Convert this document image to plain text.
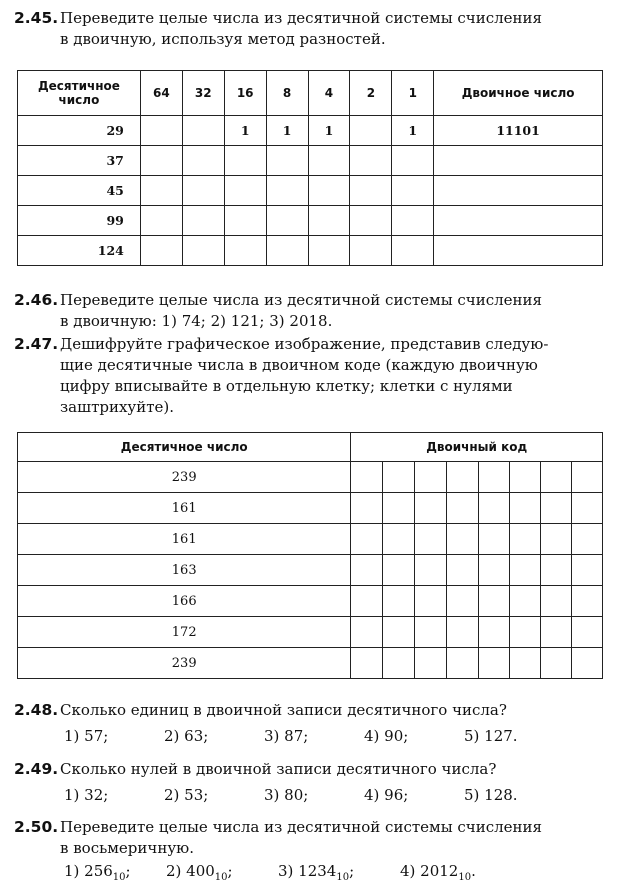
2.45. Переведите целые числа из десятичной системы счисления
в двоичную, используя метод разностей.
Десятичное число	64	32	16	8	4	2	1	Двоичное число
29			1	1	1		1	11101
37								
45								
99								
124								
2.46. Переведите целые числа из десятичной системы счисления
в двоичную: 1) 74; 2) 121; 3) 2018.
2.47. Дешифруйте графическое изображение, представив следую-
щие десятичные числа в двоичном коде (каждую двоичную
цифру вписывайте в отдельную клетку; клетки с нулями
заштрихуйте).
Десятичное число	Двоичный код							
239								
161								
161								
163								
166								
172								
239								
2.48. Сколько единиц в двоичной записи десятичного числа?
1) 57;	2) 63;	3) 87;	4) 90;	5) 127.
2.49. Сколько нулей в двоичной записи десятичного числа?
1) 32;	2) 53;	3) 80;	4) 96;	5) 128.
2.50. Переведите целые числа из десятичной системы счисления
в восьмеричную.
1) $256_{10}$; 2) $400_{10}$;	3) $1234_{10}$;	4) $2012_{10}$.
